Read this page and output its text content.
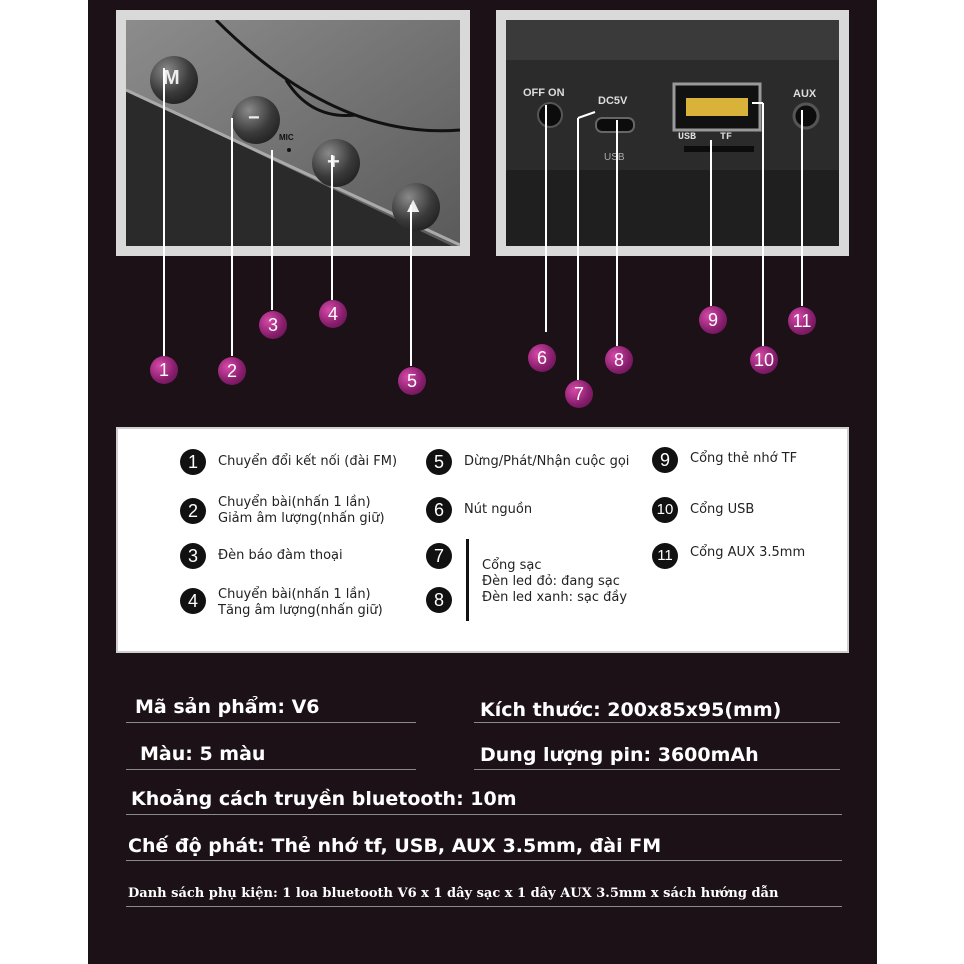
M
−
+
▲
MIC
OFF ON
DC5V
USB
USB    TF
AUX
1	2
3
4
5
6
7
8
9
10
11
1	Chuyển đổi kết nối (đài FM)
2	Chuyển bài(nhấn 1 lần)
Giảm âm lượng(nhấn giữ)
3	Đèn báo đàm thoại
4	Chuyển bài(nhấn 1 lần)
Tăng âm lượng(nhấn giữ)
5	Dừng/Phát/Nhận cuộc gọi
6	Nút nguồn
7
8
Cổng sạc
Đèn led đỏ: đang sạc
Đèn led xanh: sạc đầy
9	Cổng thẻ nhớ TF
10	Cổng USB
11	Cổng AUX 3.5mm
Mã sản phẩm: V6	Kích thước: 200x85x95(mm)
Màu: 5 màu	Dung lượng pin: 3600mAh
Khoảng cách truyền bluetooth: 10m
Chế độ phát: Thẻ nhớ tf, USB, AUX 3.5mm, đài FM
Danh sách phụ kiện: 1 loa bluetooth V6 x 1 dây sạc x 1 dây AUX 3.5mm x sách hướng dẫn
